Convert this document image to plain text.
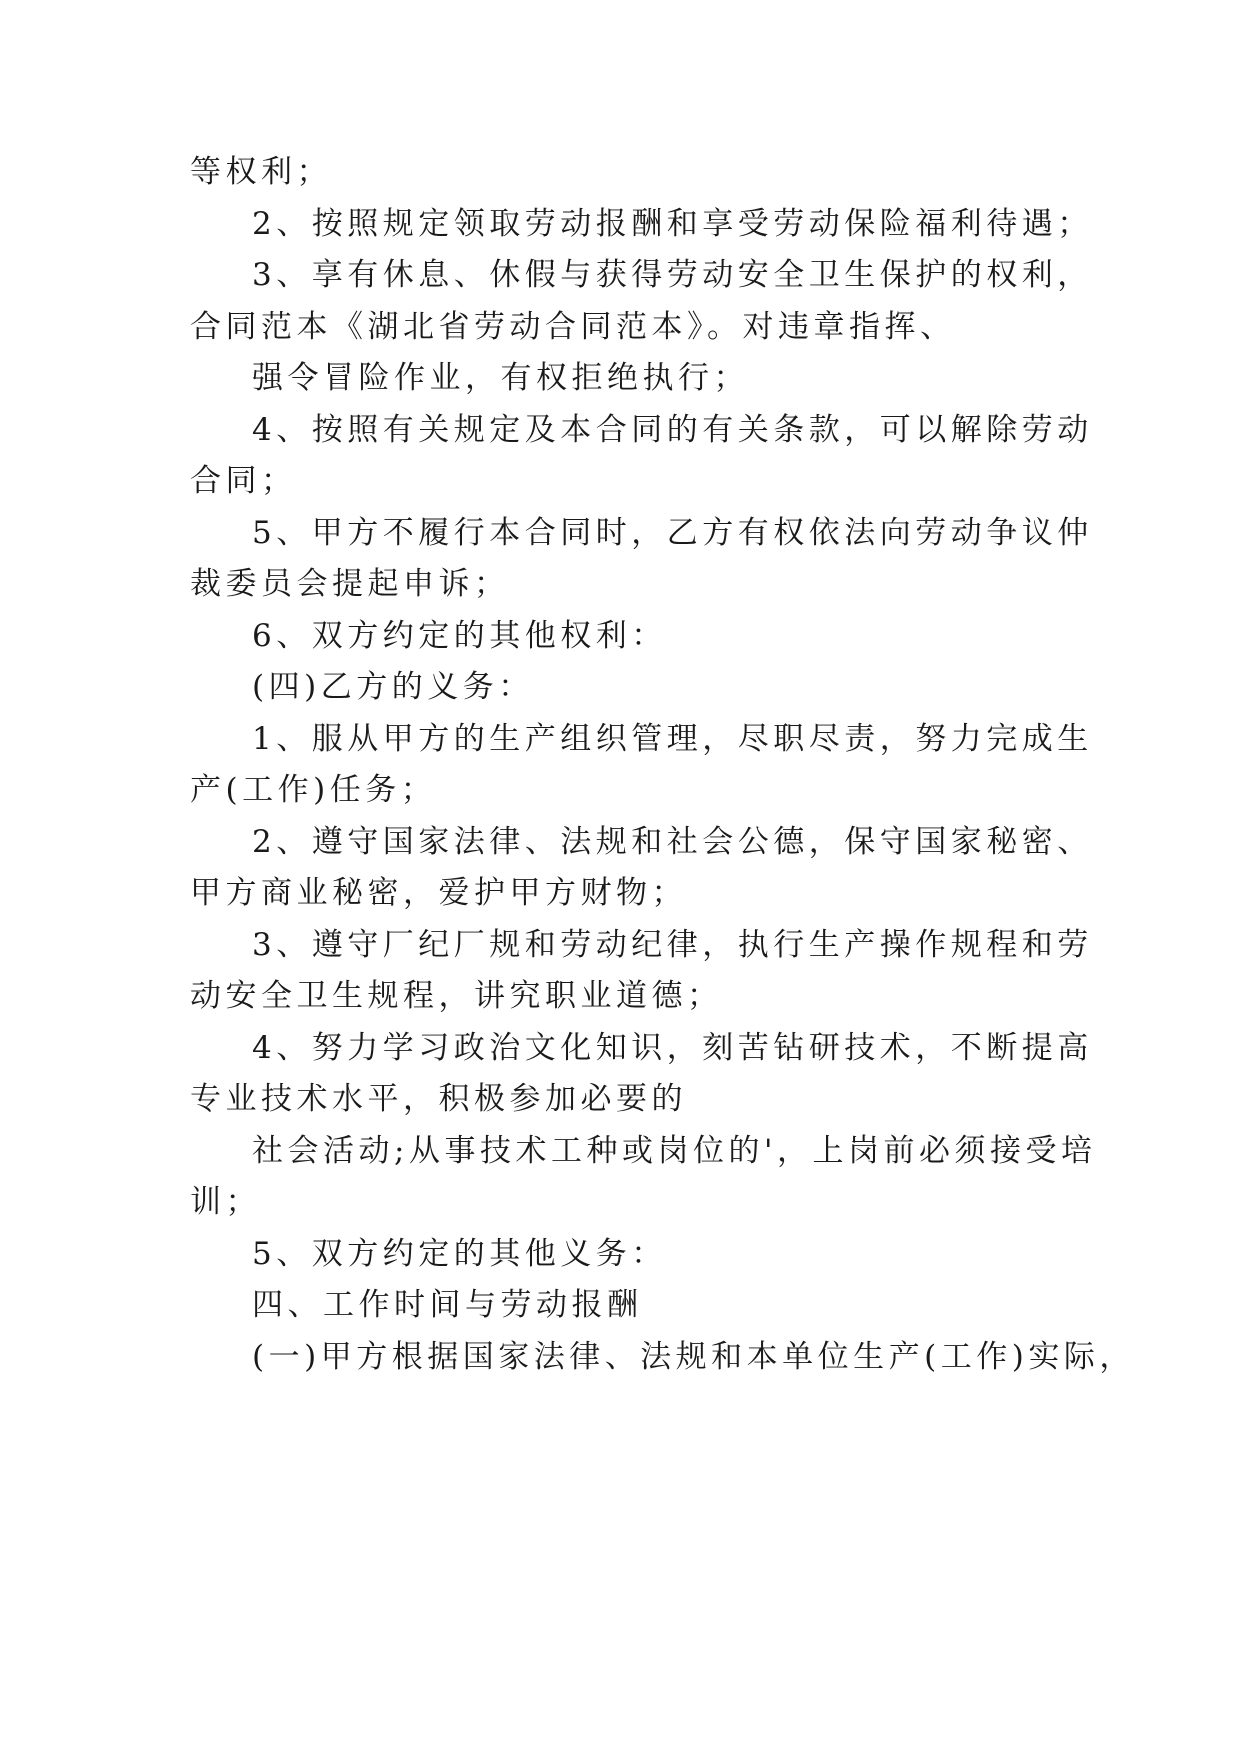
等权利；
2、按照规定领取劳动报酬和享受劳动保险福利待遇；
3、享有休息、休假与获得劳动安全卫生保护的权利，
合同范本《湖北省劳动合同范本》。对违章指挥、
强令冒险作业，有权拒绝执行；
4、按照有关规定及本合同的有关条款，可以解除劳动
合同；
5、甲方不履行本合同时，乙方有权依法向劳动争议仲
裁委员会提起申诉；
6、双方约定的其他权利：
(四)乙方的义务：
1、服从甲方的生产组织管理，尽职尽责，努力完成生
产(工作)任务；
2、遵守国家法律、法规和社会公德，保守国家秘密、
甲方商业秘密，爱护甲方财物；
3、遵守厂纪厂规和劳动纪律，执行生产操作规程和劳
动安全卫生规程，讲究职业道德；
4、努力学习政治文化知识，刻苦钻研技术，不断提高
专业技术水平，积极参加必要的
社会活动;从事技术工种或岗位的'，上岗前必须接受培
训；
5、双方约定的其他义务：
四、工作时间与劳动报酬
(一)甲方根据国家法律、法规和本单位生产(工作)实际，
